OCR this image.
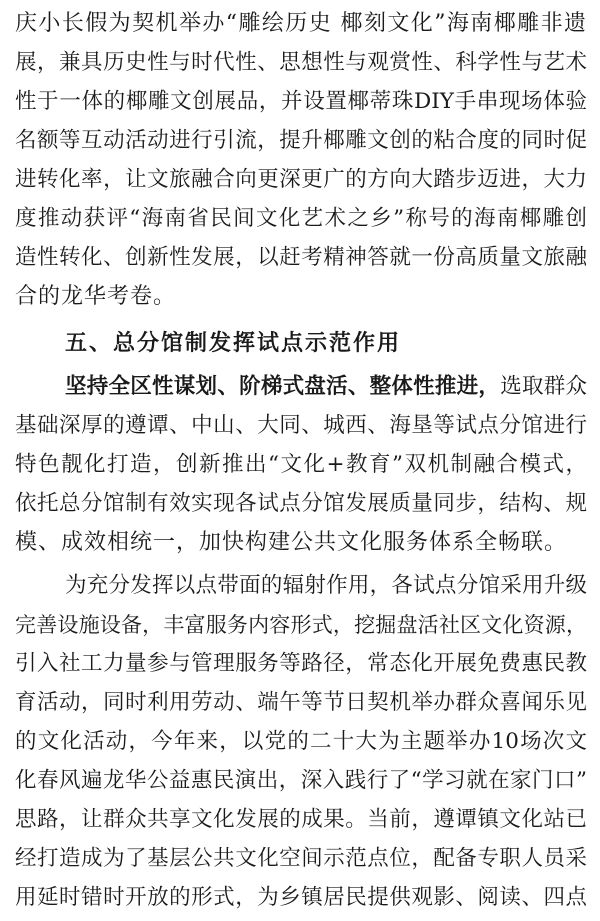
庆小长假为契机举办“雕绘历史 椰刻文化”海南椰雕非遗
展，兼具历史性与时代性、思想性与观赏性、科学性与艺术
性于一体的椰雕文创展品，并设置椰蒂珠DIY手串现场体验
名额等互动活动进行引流，提升椰雕文创的粘合度的同时促
进转化率，让文旅融合向更深更广的方向大踏步迈进，大力
度推动获评“海南省民间文化艺术之乡”称号的海南椰雕创
造性转化、创新性发展，以赶考精神答就一份高质量文旅融
合的龙华考卷。
五、总分馆制发挥试点示范作用
坚持全区性谋划、阶梯式盘活、整体性推进，选取群众
基础深厚的遵谭、中山、大同、城西、海垦等试点分馆进行
特色靓化打造，创新推出“文化+教育”双机制融合模式，
依托总分馆制有效实现各试点分馆发展质量同步，结构、规
模、成效相统一，加快构建公共文化服务体系全畅联。
为充分发挥以点带面的辐射作用，各试点分馆采用升级
完善设施设备，丰富服务内容形式，挖掘盘活社区文化资源，
引入社工力量参与管理服务等路径，常态化开展免费惠民教
育活动，同时利用劳动、端午等节日契机举办群众喜闻乐见
的文化活动，今年来，以党的二十大为主题举办10场次文
化春风遍龙华公益惠民演出，深入践行了“学习就在家门口”
思路，让群众共享文化发展的成果。当前，遵谭镇文化站已
经打造成为了基层公共文化空间示范点位，配备专职人员采
用延时错时开放的形式，为乡镇居民提供观影、阅读、四点
